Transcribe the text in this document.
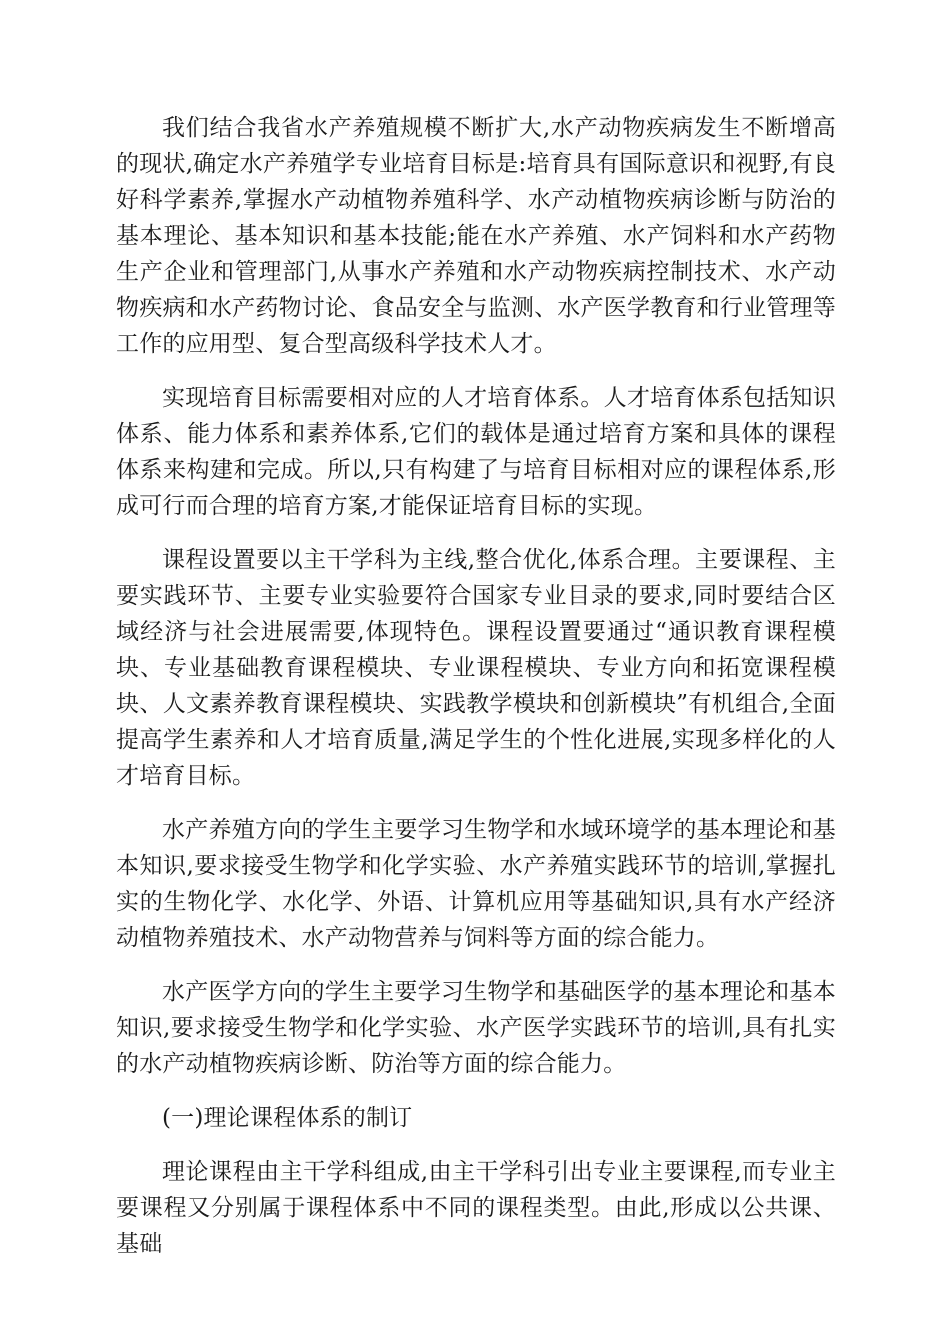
我们结合我省水产养殖规模不断扩大,水产动物疾病发生不断增高的现状,确定水产养殖学专业培育目标是:培育具有国际意识和视野,有良好科学素养,掌握水产动植物养殖科学、水产动植物疾病诊断与防治的基本理论、基本知识和基本技能;能在水产养殖、水产饲料和水产药物生产企业和管理部门,从事水产养殖和水产动物疾病控制技术、水产动物疾病和水产药物讨论、食品安全与监测、水产医学教育和行业管理等工作的应用型、复合型高级科学技术人才。

实现培育目标需要相对应的人才培育体系。人才培育体系包括知识体系、能力体系和素养体系,它们的载体是通过培育方案和具体的课程体系来构建和完成。所以,只有构建了与培育目标相对应的课程体系,形成可行而合理的培育方案,才能保证培育目标的实现。

课程设置要以主干学科为主线,整合优化,体系合理。主要课程、主要实践环节、主要专业实验要符合国家专业目录的要求,同时要结合区域经济与社会进展需要,体现特色。课程设置要通过“通识教育课程模块、专业基础教育课程模块、专业课程模块、专业方向和拓宽课程模块、人文素养教育课程模块、实践教学模块和创新模块”有机组合,全面提高学生素养和人才培育质量,满足学生的个性化进展,实现多样化的人才培育目标。

水产养殖方向的学生主要学习生物学和水域环境学的基本理论和基本知识,要求接受生物学和化学实验、水产养殖实践环节的培训,掌握扎实的生物化学、水化学、外语、计算机应用等基础知识,具有水产经济动植物养殖技术、水产动物营养与饲料等方面的综合能力。

水产医学方向的学生主要学习生物学和基础医学的基本理论和基本知识,要求接受生物学和化学实验、水产医学实践环节的培训,具有扎实的水产动植物疾病诊断、防治等方面的综合能力。

(一)理论课程体系的制订

理论课程由主干学科组成,由主干学科引出专业主要课程,而专业主要课程又分别属于课程体系中不同的课程类型。由此,形成以公共课、基础
